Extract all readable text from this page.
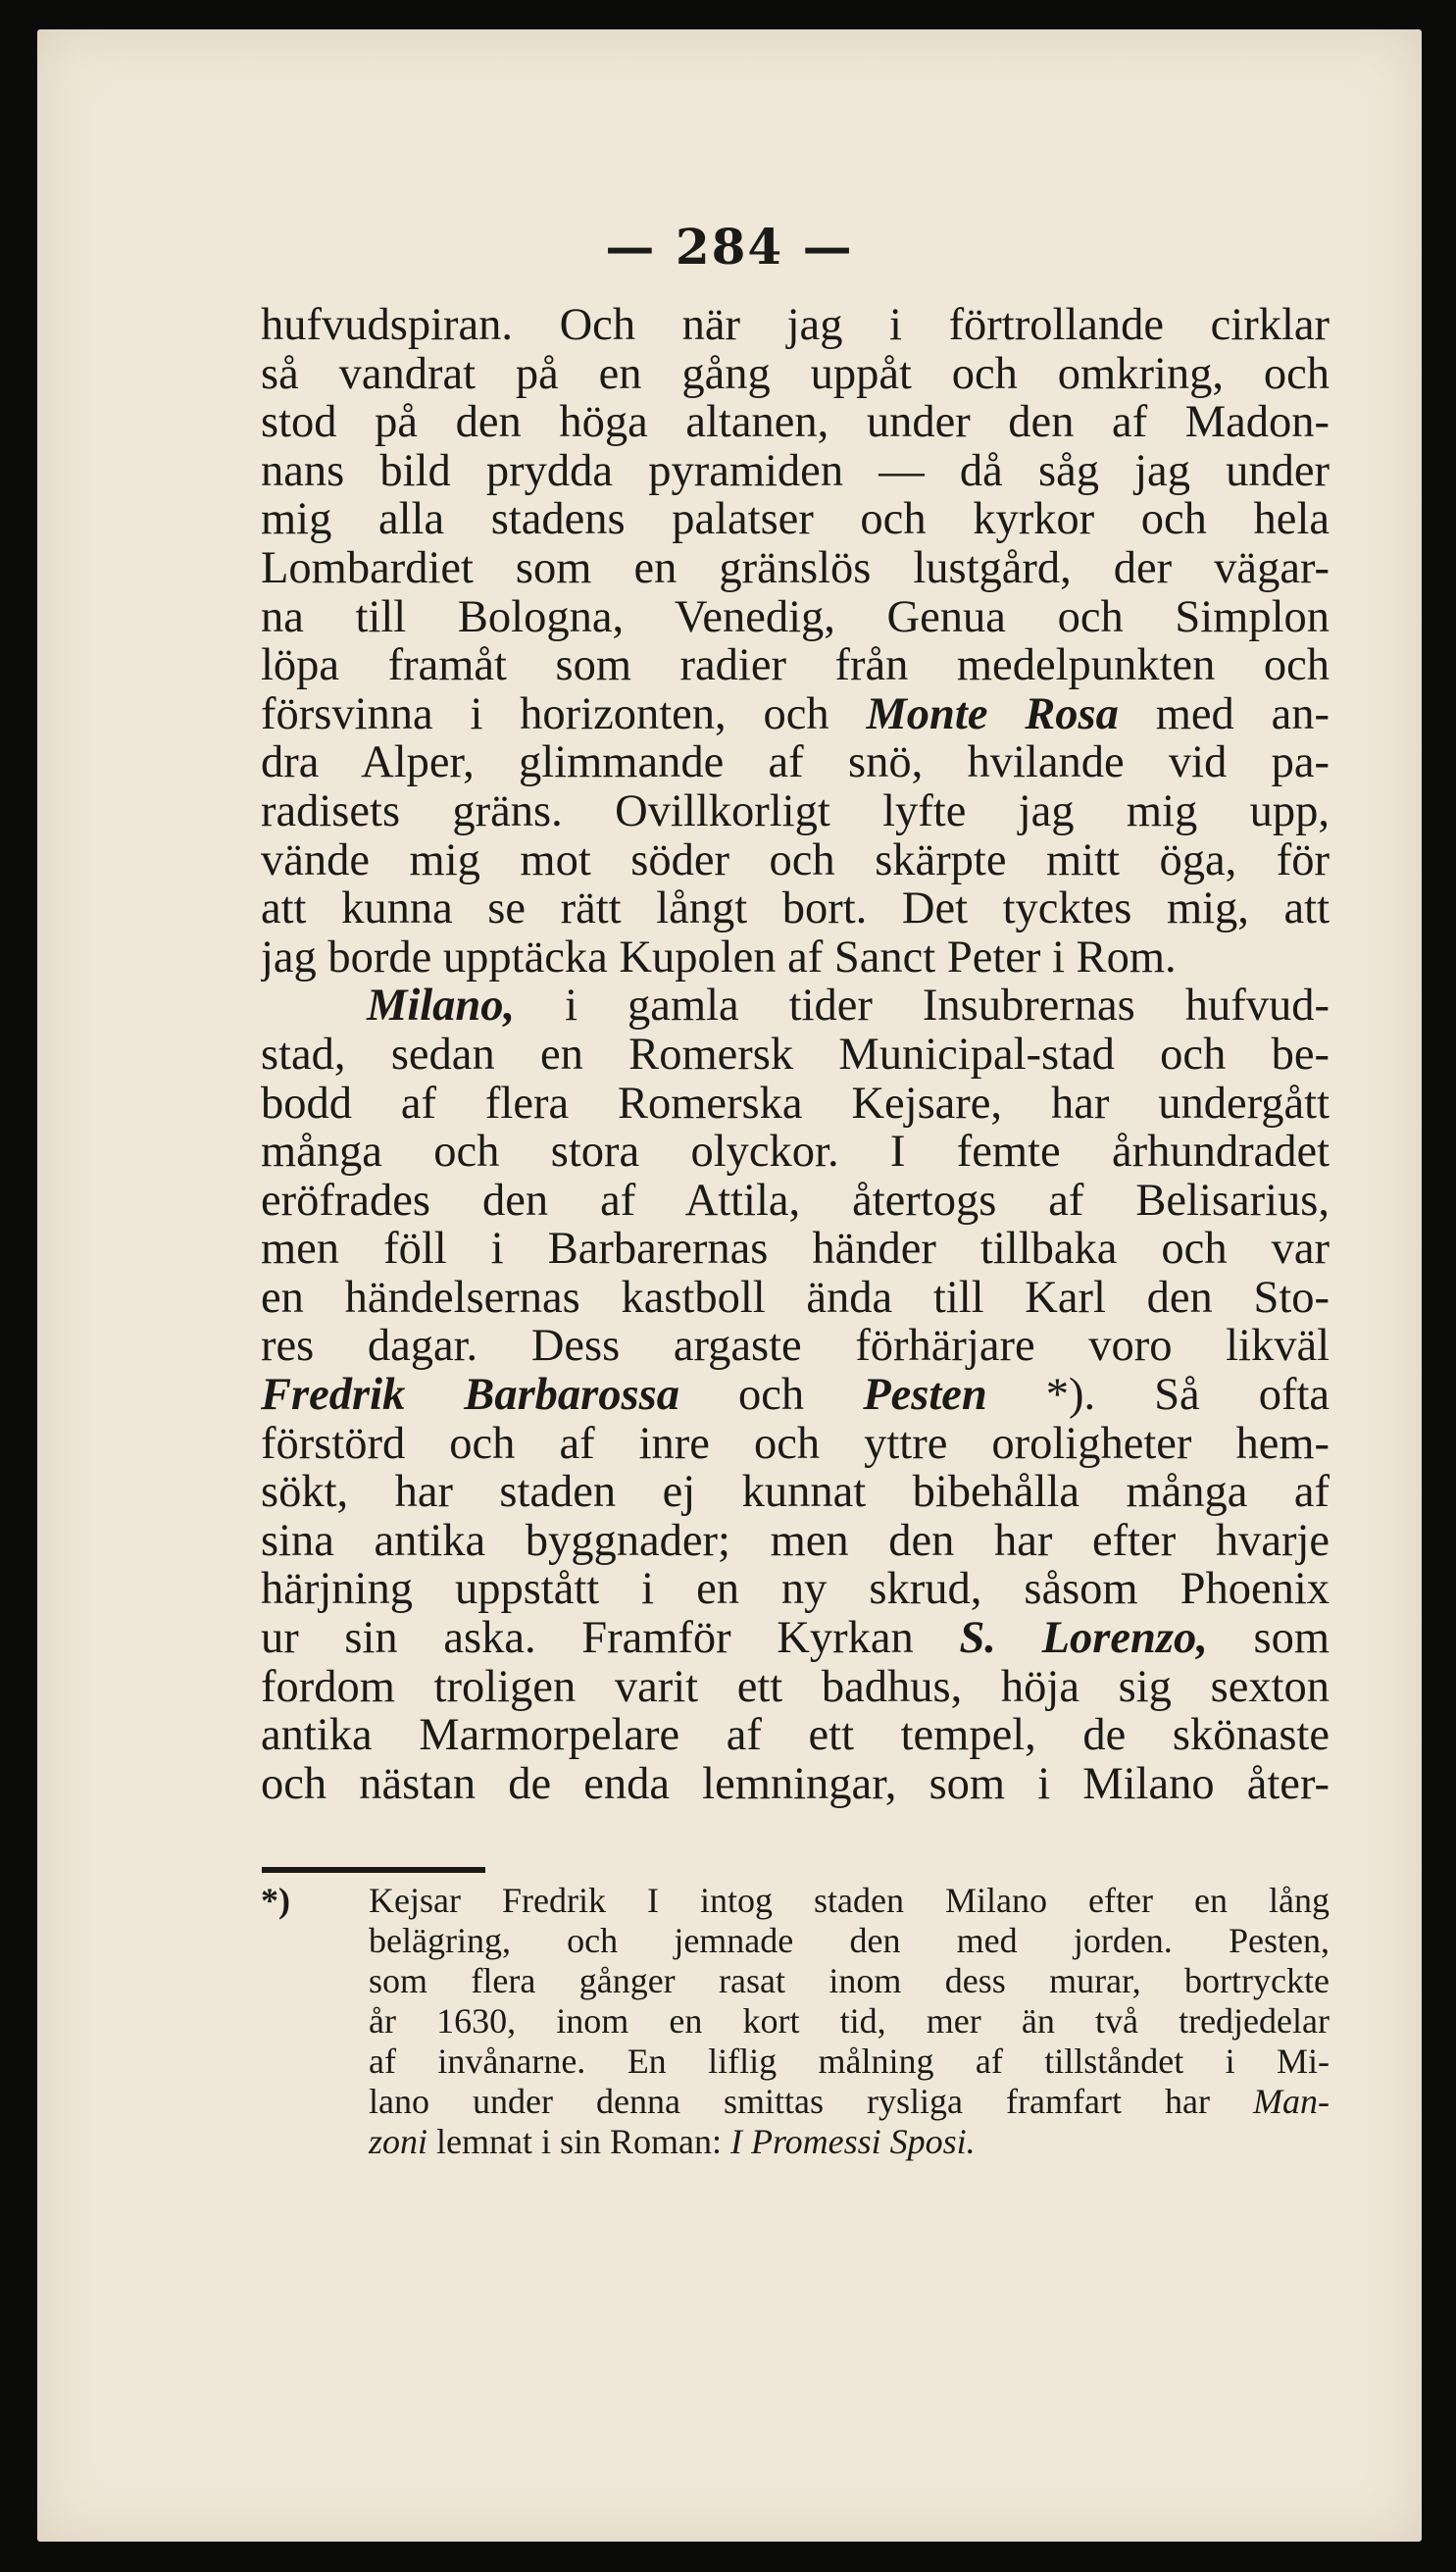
— 284 —
hufvudspiran. Och när jag i förtrollande cirklar
så vandrat på en gång uppåt och omkring, och
stod på den höga altanen, under den af Madon-
nans bild prydda pyramiden — då såg jag under
mig alla stadens palatser och kyrkor och hela
Lombardiet som en gränslös lustgård, der vägar-
na till Bologna, Venedig, Genua och Simplon
löpa framåt som radier från medelpunkten och
försvinna i horizonten, och Monte Rosa med an-
dra Alper, glimmande af snö, hvilande vid pa-
radisets gräns. Ovillkorligt lyfte jag mig upp,
vände mig mot söder och skärpte mitt öga, för
att kunna se rätt långt bort. Det tycktes mig, att
jag borde upptäcka Kupolen af Sanct Peter i Rom.
Milano, i gamla tider Insubrernas hufvud-
stad, sedan en Romersk Municipal-stad och be-
bodd af flera Romerska Kejsare, har undergått
många och stora olyckor. I femte århundradet
eröfrades den af Attila, återtogs af Belisarius,
men föll i Barbarernas händer tillbaka och var
en händelsernas kastboll ända till Karl den Sto-
res dagar. Dess argaste förhärjare voro likväl
Fredrik Barbarossa och Pesten *). Så ofta
förstörd och af inre och yttre oroligheter hem-
sökt, har staden ej kunnat bibehålla många af
sina antika byggnader; men den har efter hvarje
härjning uppstått i en ny skrud, såsom Phoenix
ur sin aska. Framför Kyrkan S. Lorenzo, som
fordom troligen varit ett badhus, höja sig sexton
antika Marmorpelare af ett tempel, de skönaste
och nästan de enda lemningar, som i Milano åter-
*) Kejsar Fredrik I intog staden Milano efter en lång
belägring, och jemnade den med jorden. Pesten,
som flera gånger rasat inom dess murar, bortryckte
år 1630, inom en kort tid, mer än två tredjedelar
af invånarne. En liflig målning af tillståndet i Mi-
lano under denna smittas rysliga framfart har Man-
zoni lemnat i sin Roman: I Promessi Sposi.
